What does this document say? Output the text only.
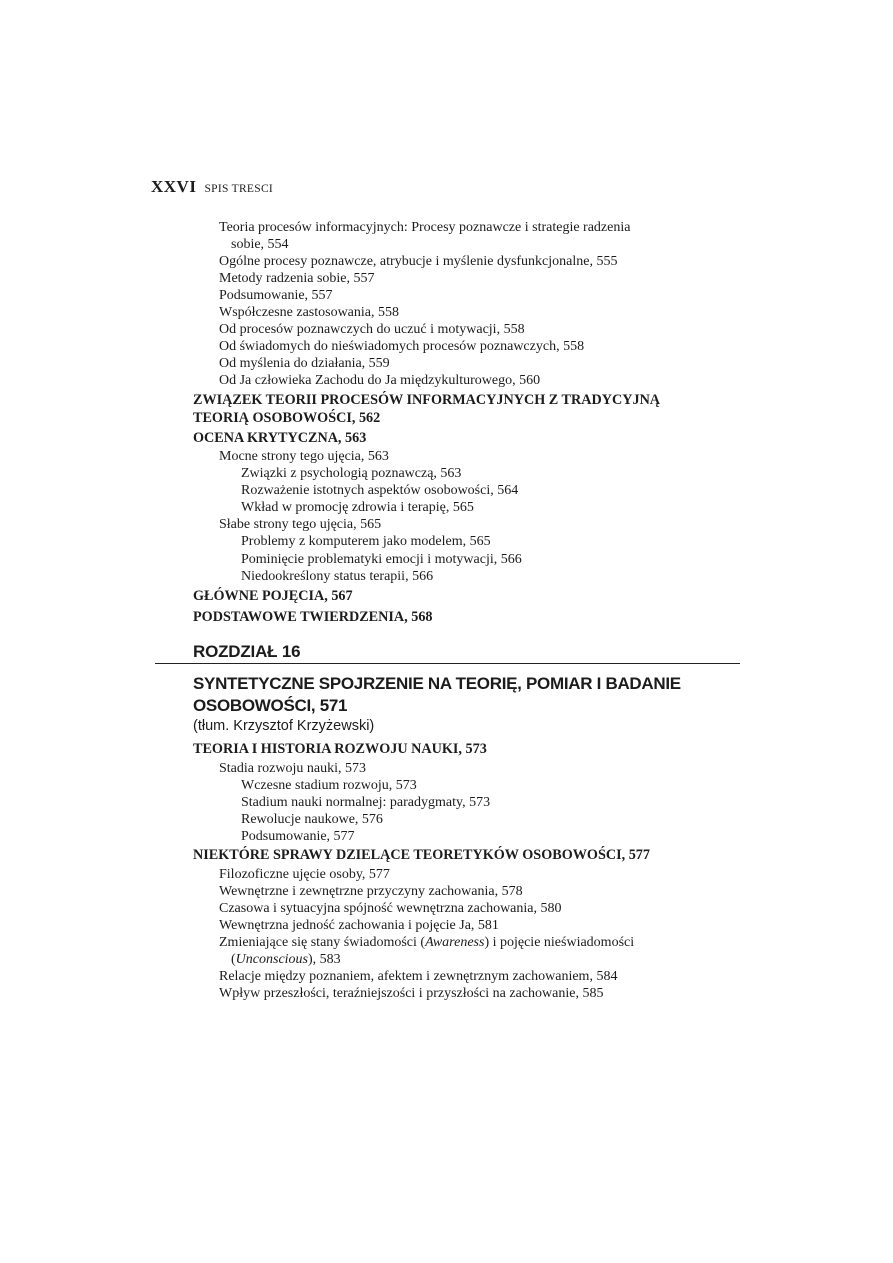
XXVI SPIS TRESCI
Teoria procesów informacyjnych: Procesy poznawcze i strategie radzenia
sobie, 554
Ogólne procesy poznawcze, atrybucje i myślenie dysfunkcjonalne, 555
Metody radzenia sobie, 557
Podsumowanie, 557
Współczesne zastosowania, 558
Od procesów poznawczych do uczuć i motywacji, 558
Od świadomych do nieświadomych procesów poznawczych, 558
Od myślenia do działania, 559
Od Ja człowieka Zachodu do Ja międzykulturowego, 560
ZWIĄZEK TEORII PROCESÓW INFORMACYJNYCH Z TRADYCYJNĄ
TEORIĄ OSOBOWOŚCI, 562
OCENA KRYTYCZNA, 563
Mocne strony tego ujęcia, 563
Związki z psychologią poznawczą, 563
Rozważenie istotnych aspektów osobowości, 564
Wkład w promocję zdrowia i terapię, 565
Słabe strony tego ujęcia, 565
Problemy z komputerem jako modelem, 565
Pominięcie problematyki emocji i motywacji, 566
Niedookreślony status terapii, 566
GŁÓWNE POJĘCIA, 567
PODSTAWOWE TWIERDZENIA, 568
ROZDZIAŁ 16
SYNTETYCZNE SPOJRZENIE NA TEORIĘ, POMIAR I BADANIE
OSOBOWOŚCI, 571
(tłum. Krzysztof Krzyżewski)
TEORIA I HISTORIA ROZWOJU NAUKI, 573
Stadia rozwoju nauki, 573
Wczesne stadium rozwoju, 573
Stadium nauki normalnej: paradygmaty, 573
Rewolucje naukowe, 576
Podsumowanie, 577
NIEKTÓRE SPRAWY DZIELĄCE TEORETYKÓW OSOBOWOŚCI, 577
Filozoficzne ujęcie osoby, 577
Wewnętrzne i zewnętrzne przyczyny zachowania, 578
Czasowa i sytuacyjna spójność wewnętrzna zachowania, 580
Wewnętrzna jedność zachowania i pojęcie Ja, 581
Zmieniające się stany świadomości (Awareness) i pojęcie nieświadomości
(Unconscious), 583
Relacje między poznaniem, afektem i zewnętrznym zachowaniem, 584
Wpływ przeszłości, teraźniejszości i przyszłości na zachowanie, 585
